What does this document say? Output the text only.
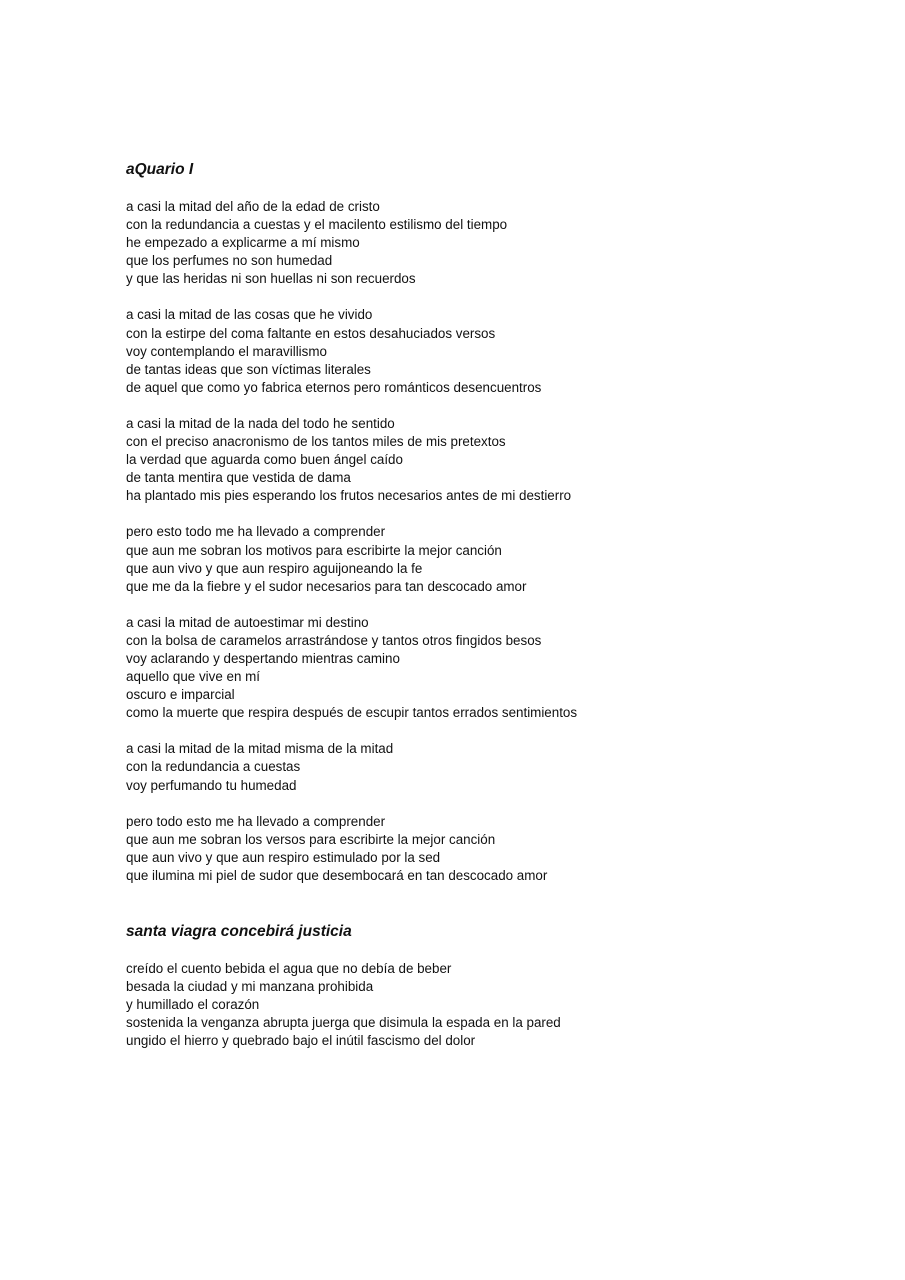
aQuario I
a casi la mitad del año de la edad de cristo
con la redundancia a cuestas y el macilento estilismo del tiempo
he empezado a explicarme a mí mismo
que los perfumes no son humedad
y que las heridas ni son huellas ni son recuerdos
a casi la mitad de las cosas que he vivido
con la estirpe del coma faltante en estos desahuciados versos
voy contemplando el maravillismo
de tantas ideas que son víctimas literales
de aquel que como yo fabrica eternos pero románticos desencuentros
a casi la mitad de la nada del todo he sentido
con el preciso anacronismo de los tantos miles de mis pretextos
la verdad que aguarda como buen ángel caído
de tanta mentira que vestida de dama
ha plantado mis pies esperando los frutos necesarios antes de mi destierro
pero esto todo me ha llevado a comprender
que aun me sobran los motivos para escribirte la mejor canción
que aun vivo y que aun respiro aguijoneando la fe
que me da la fiebre y el sudor necesarios para tan descocado amor
a casi la mitad de autoestimar mi destino
con la bolsa de caramelos arrastrándose y tantos otros fingidos besos
voy aclarando y despertando mientras camino
aquello que vive en mí
oscuro e imparcial
como la muerte que respira después de escupir tantos errados sentimientos
a casi la mitad de la mitad misma de la mitad
con la redundancia a cuestas
voy perfumando tu humedad
pero todo esto me ha llevado a comprender
que aun me sobran los versos para escribirte la mejor canción
que aun vivo y que aun respiro estimulado por la sed
que ilumina mi piel de sudor que desembocará en tan descocado amor
santa viagra concebirá justicia
creído el cuento bebida el agua que no debía de beber
besada la ciudad y mi manzana prohibida
y humillado el corazón
sostenida la venganza abrupta juerga que disimula la espada en la pared
ungido el hierro y quebrado bajo el inútil fascismo del dolor
